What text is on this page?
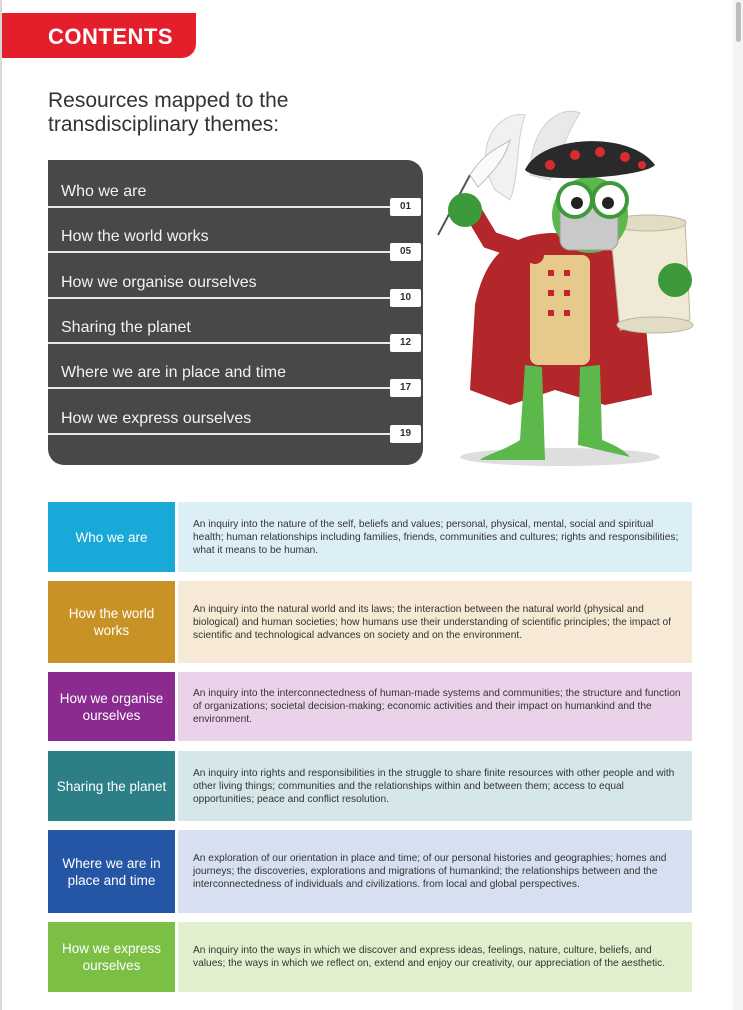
CONTENTS
Resources mapped to the
transdisciplinary themes:
Who we are
01
How the world works
05
How we organise ourselves
10
Sharing the planet
12
Where we are in place and time
17
How we express ourselves
19
Who we are
An inquiry into the nature of the self, beliefs and values; personal, physical, mental, social and spiritual health; human relationships including families, friends, communities and cultures; rights and responsibilities; what it means to be human.
How the world works
An inquiry into the natural world and its laws; the interaction between the natural world (physical and biological) and human societies; how humans use their understanding of scientific principles; the impact of scientific and technological advances on society and on the environment.
How we organise ourselves
An inquiry into the interconnectedness of human-made systems and communities; the structure and function of organizations; societal decision-making; economic activities and their impact on humankind and the environment.
Sharing the planet
An inquiry into rights and responsibilities in the struggle to share finite resources with other people and with other living things; communities and the relationships within and between them; access to equal opportunities; peace and conflict resolution.
Where we are in place and time
An exploration of our orientation in place and time; of our personal histories and geographies; homes and journeys; the discoveries, explorations and migrations of humankind; the relationships between and the interconnectedness of individuals and civilizations. from local and global perspectives.
How we express ourselves
An inquiry into the ways in which we discover and express ideas, feelings, nature, culture, beliefs, and values; the ways in which we reflect on, extend and enjoy our creativity, our appreciation of the aesthetic.
